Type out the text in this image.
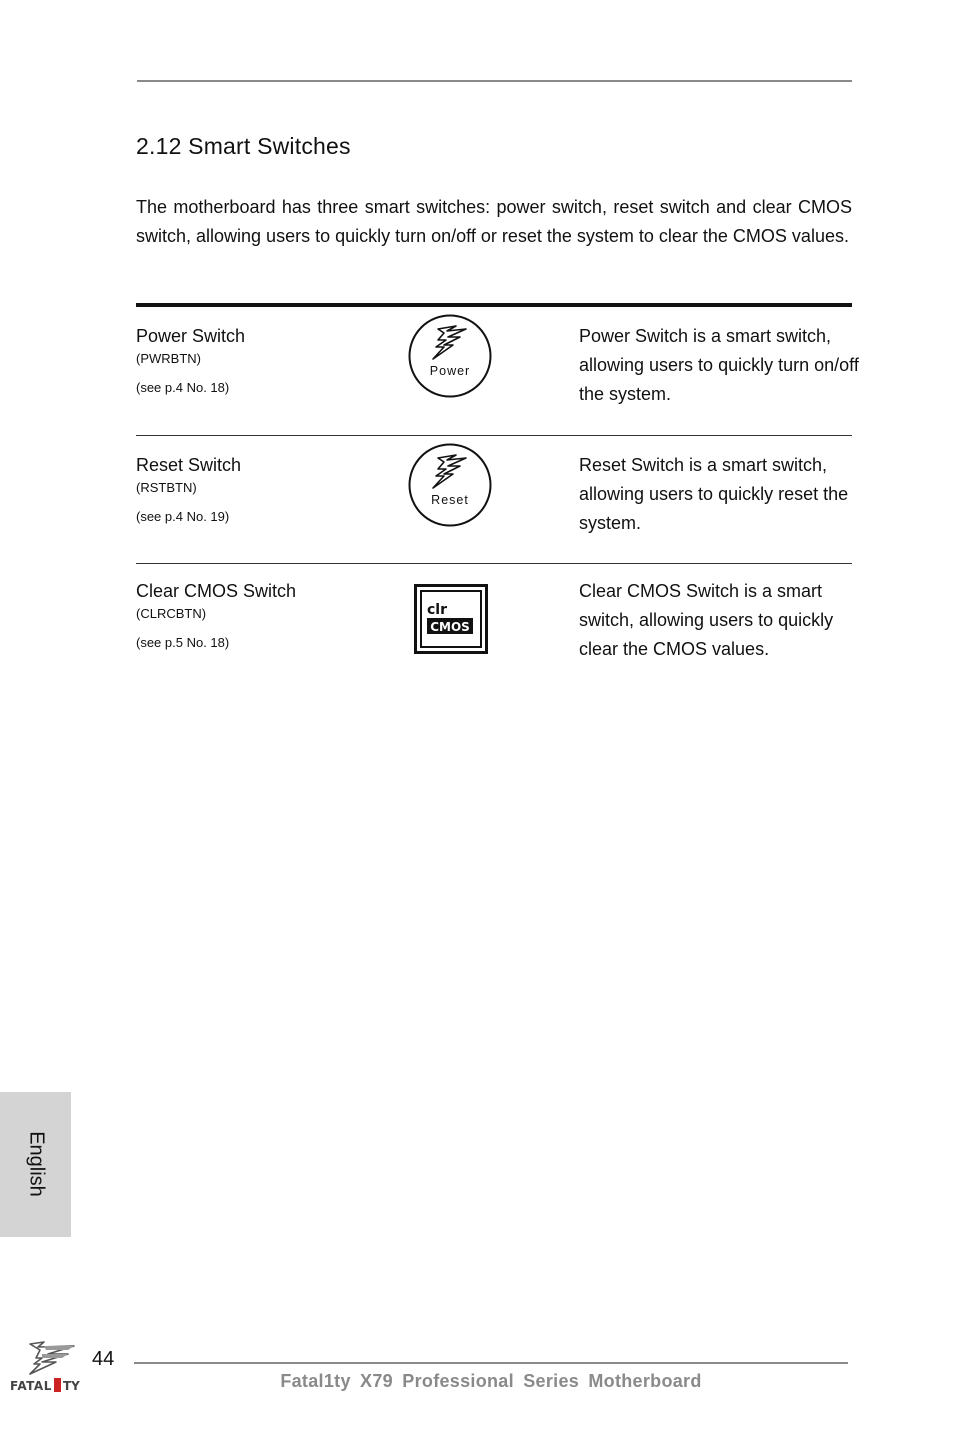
2.12 Smart Switches
The motherboard has three smart switches: power switch, reset switch and clear CMOS switch, allowing users to quickly turn on/off or reset the system to clear the CMOS values.
Power Switch
(PWRBTN)
(see p.4 No. 18)
Power
Power Switch is a smart switch, allowing users to quickly turn on/off the system.
Reset Switch
(RSTBTN)
(see p.4 No. 19)
Reset
Reset Switch is a smart switch, allowing users to quickly reset the system.
Clear CMOS Switch
(CLRCBTN)
(see p.5 No. 18)
clr
CMOS
Clear CMOS Switch is a smart switch, allowing users to quickly clear the CMOS values.
English
FATAL TY
44
Fatal1ty X79 Professional Series Motherboard
